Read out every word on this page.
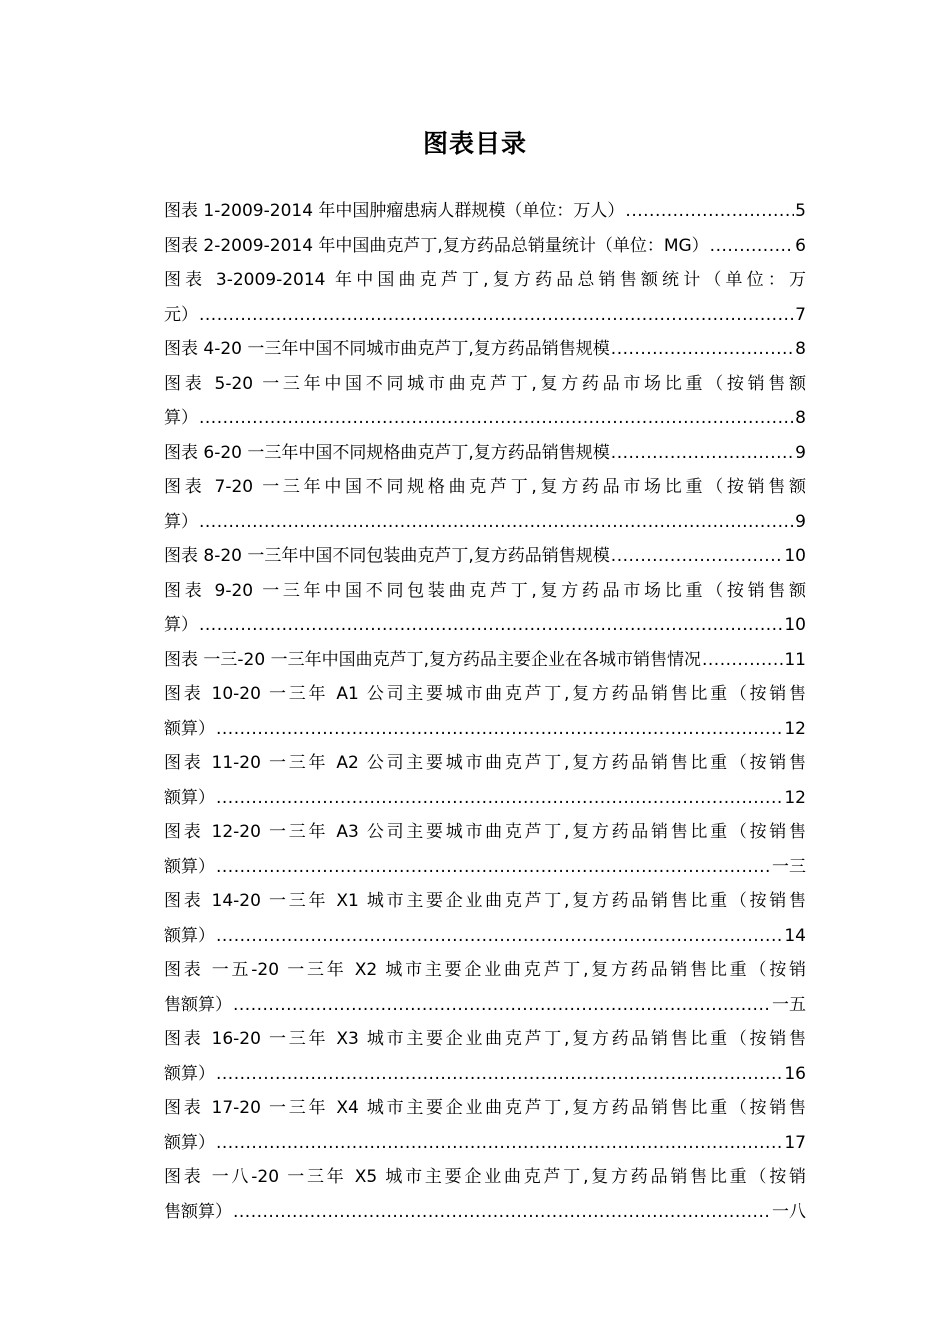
图表目录
图表 1-2009-2014 年中国肿瘤患病人群规模（单位：万人） .....	5
图表 2-2009-2014 年中国曲克芦丁,复方药品总销量统计（单位：MG） .....	6
图表 3-2009-2014 年中国曲克芦丁,复方药品总销售额统计（单位：万
元） .....	7
图表 4-20 一三年中国不同城市曲克芦丁,复方药品销售规模 .....	8
图表 5-20 一三年中国不同城市曲克芦丁,复方药品市场比重（按销售额
算） .....	8
图表 6-20 一三年中国不同规格曲克芦丁,复方药品销售规模 .....	9
图表 7-20 一三年中国不同规格曲克芦丁,复方药品市场比重（按销售额
算） .....	9
图表 8-20 一三年中国不同包装曲克芦丁,复方药品销售规模 .....	10
图表 9-20 一三年中国不同包装曲克芦丁,复方药品市场比重（按销售额
算） .....	10
图表 一三-20 一三年中国曲克芦丁,复方药品主要企业在各城市销售情况 .....	11
图表 10-20 一三年 A1 公司主要城市曲克芦丁,复方药品销售比重（按销售
额算） .....	12
图表 11-20 一三年 A2 公司主要城市曲克芦丁,复方药品销售比重（按销售
额算） .....	12
图表 12-20 一三年 A3 公司主要城市曲克芦丁,复方药品销售比重（按销售
额算） .....	一三
图表 14-20 一三年 X1 城市主要企业曲克芦丁,复方药品销售比重（按销售
额算） .....	14
图表 一五-20 一三年 X2 城市主要企业曲克芦丁,复方药品销售比重（按销
售额算） .....	一五
图表 16-20 一三年 X3 城市主要企业曲克芦丁,复方药品销售比重（按销售
额算） .....	16
图表 17-20 一三年 X4 城市主要企业曲克芦丁,复方药品销售比重（按销售
额算） .....	17
图表 一八-20 一三年 X5 城市主要企业曲克芦丁,复方药品销售比重（按销
售额算） .....	一八
